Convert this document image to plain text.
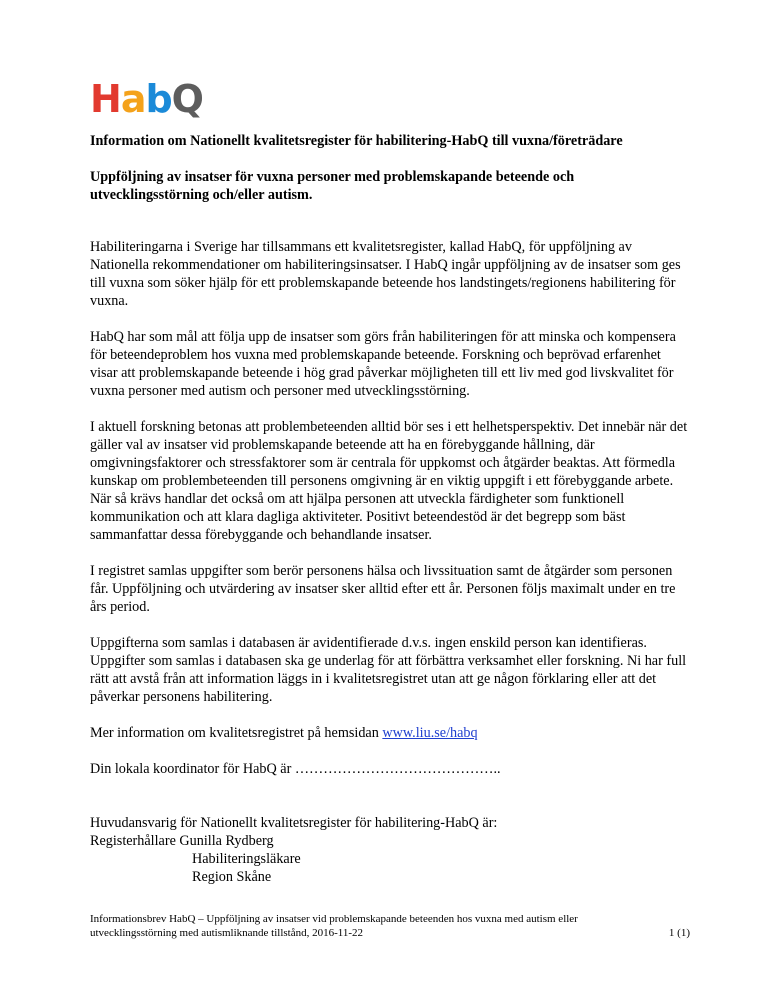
H a b Q

Information om Nationellt kvalitetsregister för habilitering-HabQ till vuxna/företrädare

Uppföljning av insatser för vuxna personer med problemskapande beteende och utvecklingsstörning och/eller autism.

Habiliteringarna i Sverige har tillsammans ett kvalitetsregister, kallad HabQ, för uppföljning av Nationella rekommendationer om habiliteringsinsatser. I HabQ ingår uppföljning av de insatser som ges till vuxna som söker hjälp för ett problemskapande beteende hos landstingets/regionens habilitering för vuxna.

HabQ har som mål att följa upp de insatser som görs från habiliteringen för att minska och kompensera för beteendeproblem hos vuxna med problemskapande beteende. Forskning och beprövad erfarenhet visar att problemskapande beteende i hög grad påverkar möjligheten till ett liv med god livskvalitet för vuxna personer med autism och personer med utvecklingsstörning.

I aktuell forskning betonas att problembeteenden alltid bör ses i ett helhetsperspektiv. Det innebär när det gäller val av insatser vid problemskapande beteende att ha en förebyggande hållning, där omgivningsfaktorer och stressfaktorer som är centrala för uppkomst och åtgärder beaktas. Att förmedla kunskap om problembeteenden till personens omgivning är en viktig uppgift i ett förebyggande arbete. När så krävs handlar det också om att hjälpa personen att utveckla färdigheter som funktionell kommunikation och att klara dagliga aktiviteter. Positivt beteendestöd är det begrepp som bäst sammanfattar dessa förebyggande och behandlande insatser.

I registret samlas uppgifter som berör personens hälsa och livssituation samt de åtgärder som personen får. Uppföljning och utvärdering av insatser sker alltid efter ett år. Personen följs maximalt under en tre års period.

Uppgifterna som samlas i databasen är avidentifierade d.v.s. ingen enskild person kan identifieras. Uppgifter som samlas i databasen ska ge underlag för att förbättra verksamhet eller forskning. Ni har full rätt att avstå från att information läggs in i kvalitetsregistret utan att ge någon förklaring eller att det påverkar personens habilitering.

Mer information om kvalitetsregistret på hemsidan www.liu.se/habq

Din lokala koordinator för HabQ är ……………………………………..

Huvudansvarig för Nationellt kvalitetsregister för habilitering-HabQ är:

Registerhållare Gunilla Rydberg

Habiliteringsläkare

Region Skåne

Informationsbrev HabQ – Uppföljning av insatser vid problemskapande beteenden hos vuxna med autism eller
utvecklingsstörning med autismliknande tillstånd, 2016-11-22	1 (1)
